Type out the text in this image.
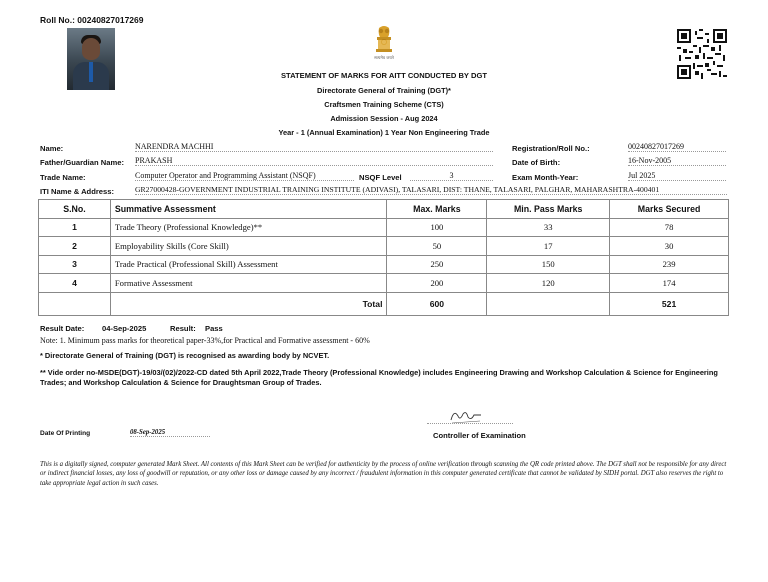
Roll No.: 00240827017269
सत्यमेव जयते
STATEMENT OF MARKS FOR AITT CONDUCTED BY DGT
Directorate General of Training (DGT)*
Craftsmen Training Scheme (CTS)
Admission Session - Aug 2024
Year - 1 (Annual Examination) 1 Year Non Engineering Trade
Name:	NARENDRA MACHHI
Father/Guardian Name: PRAKASH
Trade Name:	Computer Operator and Programming Assistant (NSQF)	NSQF Level	3
ITI Name & Address:	GR27000428-GOVERNMENT INDUSTRIAL TRAINING INSTITUTE (ADIVASI), TALASARI, DIST: THANE, TALASARI, PALGHAR, MAHARASHTRA-400401
Registration/Roll No.:	00240827017269
Date of Birth:	16-Nov-2005
Exam Month-Year:	Jul 2025
S.No.	Summative Assessment	Max. Marks	Min. Pass Marks	Marks Secured
1	Trade Theory (Professional Knowledge)**	100	33	78
2	Employability Skills (Core Skill)	50	17	30
3	Trade Practical (Professional Skill) Assessment	250	150	239
4	Formative Assessment	200	120	174
	Total	600		521
Result Date: 04-Sep-2025	Result: Pass
Note: 1. Minimum pass marks for theoretical paper-33%,for Practical and Formative assessment - 60%
* Directorate General of Training (DGT) is recognised as awarding body by NCVET.
** Vide order no-MSDE(DGT)-19/03/(02)/2022-CD dated 5th April 2022,Trade Theory (Professional Knowledge) includes Engineering Drawing and Workshop Calculation & Science for Engineering Trades; and Workshop Calculation & Science for Draughtsman Group of Trades.
Controller of Examination
Date Of Printing	08-Sep-2025
This is a digitally signed, computer generated Mark Sheet. All contents of this Mark Sheet can be verified for authenticity by the process of online verification through scanning the QR code printed above. The DGT shall not be responsible for any direct or indirect financial losses, any loss of goodwill or reputation, or any other loss or damage caused by any incorrect / fraudulent information in this computer generated certificate that cannot be validated by SIDH portal. DGT also reserves the right to take appropriate legal action in such cases.
